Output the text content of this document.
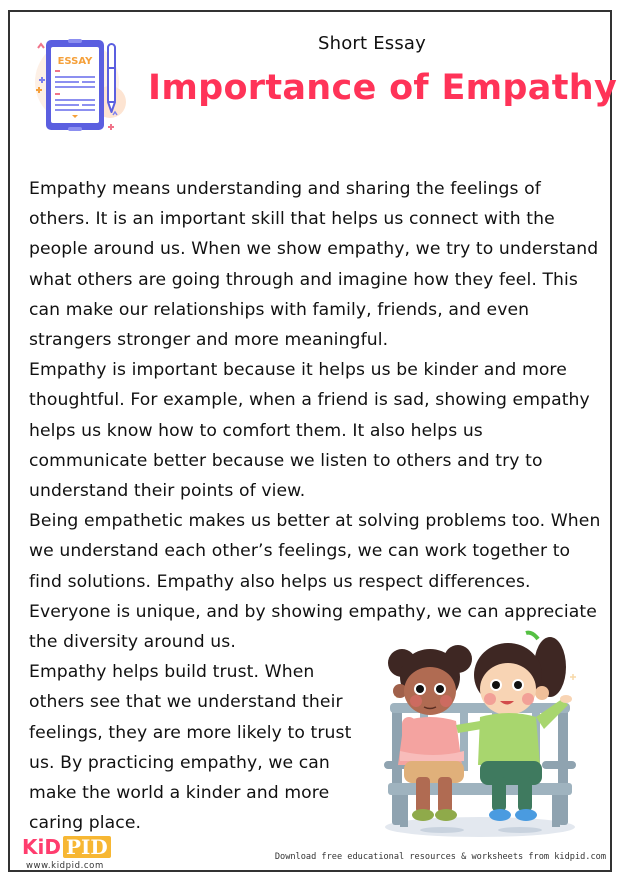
ESSAY
Short Essay
Importance of Empathy

Empathy means understanding and sharing the feelings of others. It is an important skill that helps us connect with the people around us. When we show empathy, we try to understand what others are going through and imagine how they feel. This can make our relationships with family, friends, and even strangers stronger and more meaningful.

Empathy is important because it helps us be kinder and more thoughtful. For example, when a friend is sad, showing empathy helps us know how to comfort them. It also helps us communicate better because we listen to others and try to understand their points of view.

Being empathetic makes us better at solving problems too. When we understand each other’s feelings, we can work together to find solutions. Empathy also helps us respect differences. Everyone is unique, and by showing empathy, we can appreciate the diversity around us.

Empathy helps build trust. When others see that we understand their feelings, they are more likely to trust us. By practicing empathy, we can make the world a kinder and more caring place.

KiD PID
www.kidpid.com
Download free educational resources & worksheets from kidpid.com
